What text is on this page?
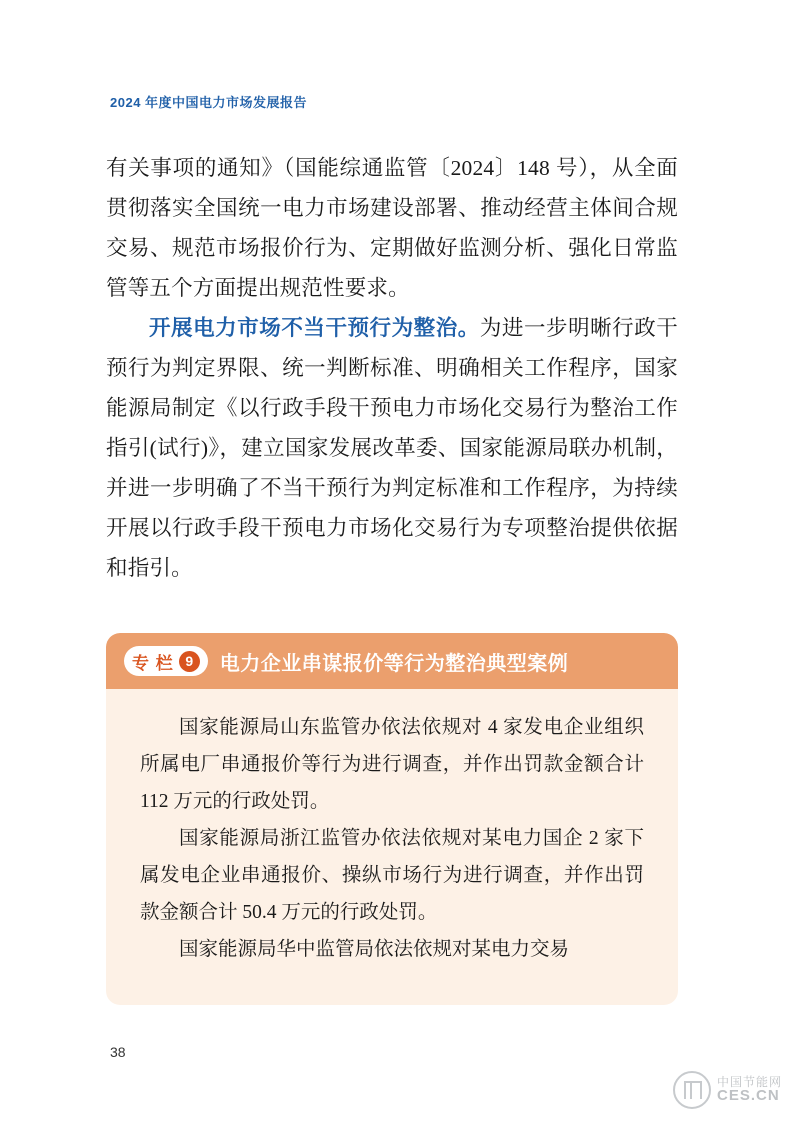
2024 年度中国电力市场发展报告

有关事项的通知》（国能综通监管〔2024〕148 号），从全面贯彻落实全国统一电力市场建设部署、推动经营主体间合规交易、规范市场报价行为、定期做好监测分析、强化日常监管等五个方面提出规范性要求。

开展电力市场不当干预行为整治。为进一步明晰行政干预行为判定界限、统一判断标准、明确相关工作程序，国家能源局制定《以行政手段干预电力市场化交易行为整治工作指引(试行)》，建立国家发展改革委、国家能源局联办机制，并进一步明确了不当干预行为判定标准和工作程序，为持续开展以行政手段干预电力市场化交易行为专项整治提供依据和指引。

专 栏 9	电力企业串谋报价等行为整治典型案例

国家能源局山东监管办依法依规对 4 家发电企业组织所属电厂串通报价等行为进行调查，并作出罚款金额合计 112 万元的行政处罚。

国家能源局浙江监管办依法依规对某电力国企 2 家下属发电企业串通报价、操纵市场行为进行调查，并作出罚款金额合计 50.4 万元的行政处罚。

国家能源局华中监管局依法依规对某电力交易

38
中国节能网
CES.CN
